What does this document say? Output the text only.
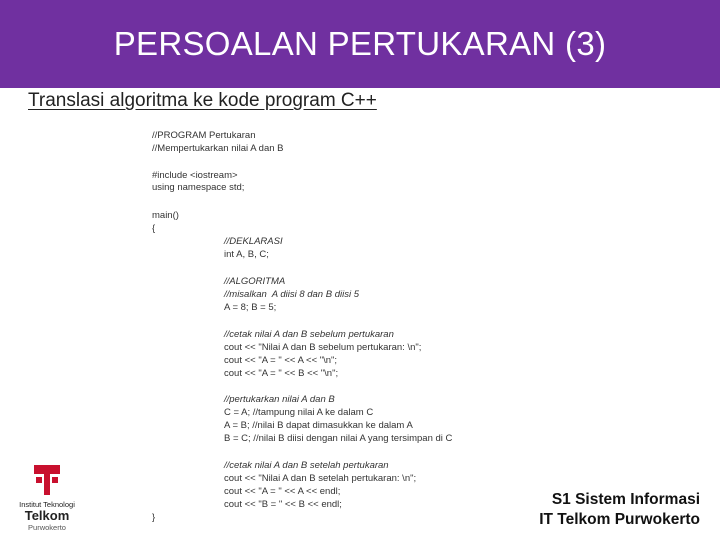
PERSOALAN PERTUKARAN (3)
Translasi algoritma ke kode program C++
//PROGRAM Pertukaran
//Mempertukarkan nilai A dan B
#include <iostream>
using namespace std;
main()
{
//DEKLARASI
int A, B, C;
//ALGORITMA
//misalkan  A diisi 8 dan B diisi 5
A = 8; B = 5;
//cetak nilai A dan B sebelum pertukaran
cout << "Nilai A dan B sebelum pertukaran: \n";
cout << "A = " << A << "\n";
cout << "A = " << B << "\n";
//pertukarkan nilai A dan B
C = A; //tampung nilai A ke dalam C
A = B; //nilai B dapat dimasukkan ke dalam A
B = C; //nilai B diisi dengan nilai A yang tersimpan di C
//cetak nilai A dan B setelah pertukaran
cout << "Nilai A dan B setelah pertukaran: \n";
cout << "A = " << A << endl;
cout << "B = " << B << endl;
}
Institut Teknologi
Telkom
Purwokerto
S1 Sistem Informasi
IT Telkom Purwokerto
